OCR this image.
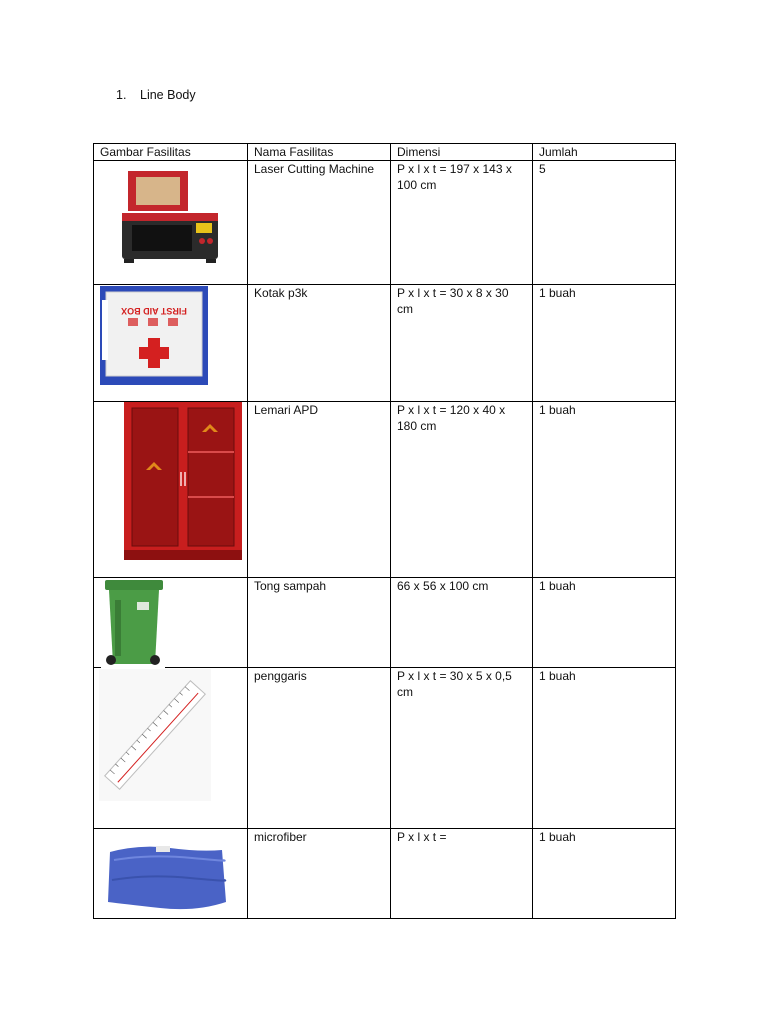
1. Line Body
Gambar Fasilitas	Nama Fasilitas	Dimensi	Jumlah

	Laser Cutting Machine	P x l x t = 197 x 143 x 100 cm	5

FIRST AID BOX	Kotak p3k	P x l x t = 30 x 8 x 30 cm	1 buah

	Lemari APD	P x l x t = 120 x 40 x 180 cm	1 buah

	Tong sampah	66 x 56 x 100 cm	1 buah

	penggaris	P x l x t = 30 x 5 x 0,5 cm	1 buah

	microfiber	P x l x t =	1 buah
